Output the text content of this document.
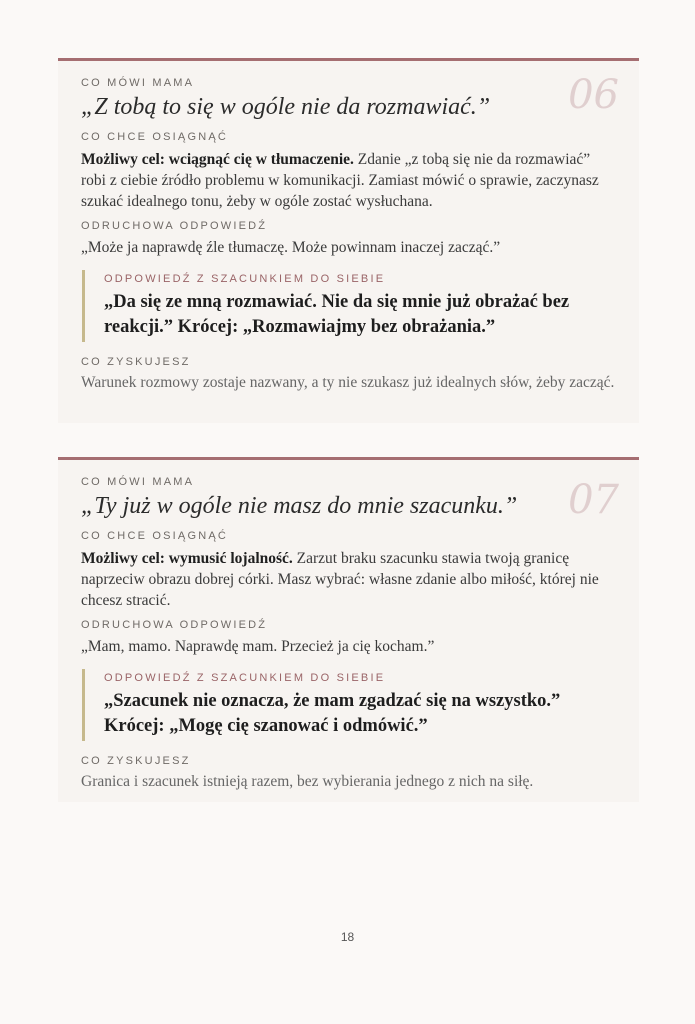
06
CO MÓWI MAMA
„Z tobą to się w ogóle nie da rozmawiać.”
CO CHCE OSIĄGNĄĆ
Możliwy cel: wciągnąć cię w tłumaczenie. Zdanie „z tobą się nie da rozmawiać” robi z ciebie źródło problemu w komunikacji. Zamiast mówić o sprawie, zaczynasz szukać idealnego tonu, żeby w ogóle zostać wysłuchana.
ODRUCHOWA ODPOWIEDŹ
„Może ja naprawdę źle tłumaczę. Może powinnam inaczej zacząć.”
ODPOWIEDŹ Z SZACUNKIEM DO SIEBIE
„Da się ze mną rozmawiać. Nie da się mnie już obrażać bez reakcji.” Krócej: „Rozmawiajmy bez obrażania.”
CO ZYSKUJESZ
Warunek rozmowy zostaje nazwany, a ty nie szukasz już idealnych słów, żeby zacząć.
07
CO MÓWI MAMA
„Ty już w ogóle nie masz do mnie szacunku.”
CO CHCE OSIĄGNĄĆ
Możliwy cel: wymusić lojalność. Zarzut braku szacunku stawia twoją granicę naprzeciw obrazu dobrej córki. Masz wybrać: własne zdanie albo miłość, której nie chcesz stracić.
ODRUCHOWA ODPOWIEDŹ
„Mam, mamo. Naprawdę mam. Przecież ja cię kocham.”
ODPOWIEDŹ Z SZACUNKIEM DO SIEBIE
„Szacunek nie oznacza, że mam zgadzać się na wszystko.” Krócej: „Mogę cię szanować i odmówić.”
CO ZYSKUJESZ
Granica i szacunek istnieją razem, bez wybierania jednego z nich na siłę.
18
